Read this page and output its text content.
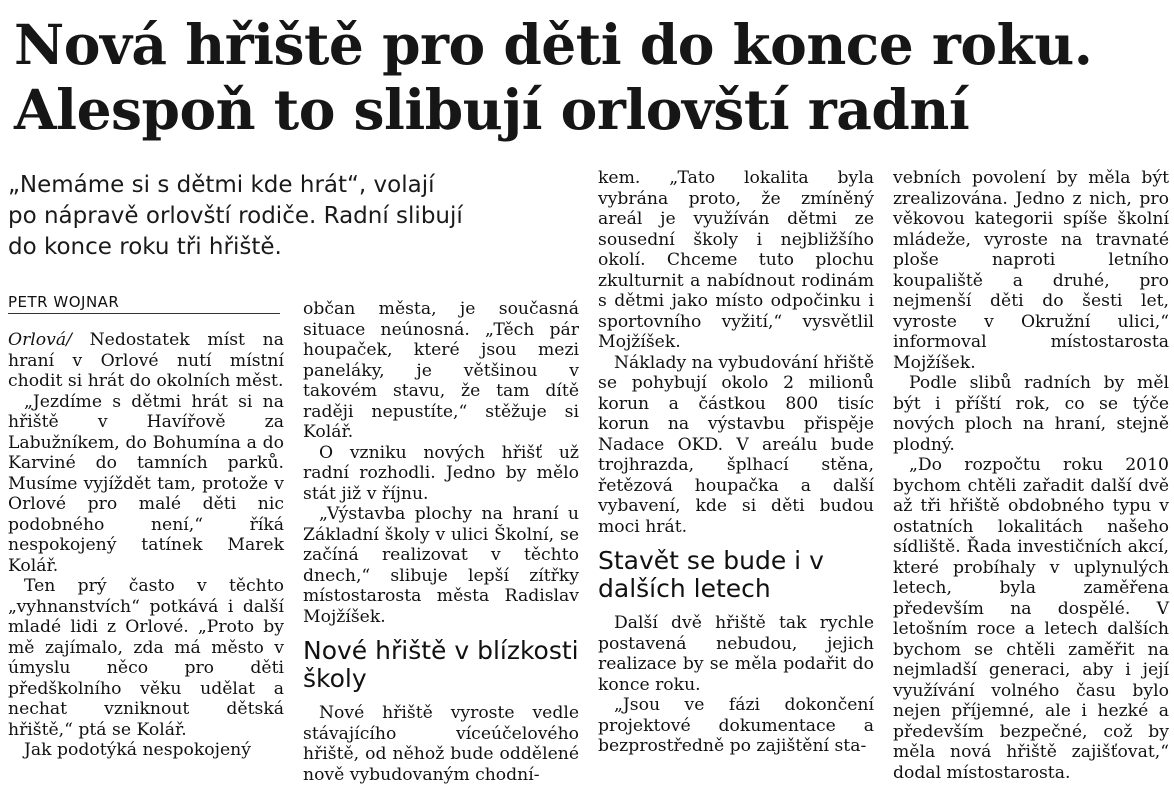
Nová hřiště pro děti do konce roku.
Alespoň to slibují orlovští radní
„Nemáme si s dětmi kde hrát“, volají
po nápravě orlovští rodiče. Radní slibují
do konce roku tři hřiště.
PETR WOJNAR

Orlová/ Nedostatek míst na hraní v Orlové nutí místní chodit si hrát do okolních měst.

„Jezdíme s dětmi hrát si na hřiště v Havířově za Labužníkem, do Bohumína a do Karviné do tamních parků. Musíme vyjíždět tam, protože v Orlové pro malé děti nic podobného není,“ říká nespokojený tatínek Marek Kolář.

Ten prý často v těchto „vyhnanstvích“ potkává i další mladé lidi z Orlové. „Proto by mě zajímalo, zda má město v úmyslu něco pro děti předškolního věku udělat a nechat vzniknout dětská hřiště,“ ptá se Kolář.

Jak podotýká nespokojený

občan města, je současná situace neúnosná. „Těch pár houpaček, které jsou mezi paneláky, je většinou v takovém stavu, že tam dítě raději nepustíte,“ stěžuje si Kolář.

O vzniku nových hřišť už radní rozhodli. Jedno by mělo stát již v říjnu.

„Výstavba plochy na hraní u Základní školy v ulici Školní, se začíná realizovat v těchto dnech,“ slibuje lepší zítřky místostarosta města Radislav Mojžíšek.

Nové hřiště v blízkosti školy

Nové hřiště vyroste vedle stávajícího víceúčelového hřiště, od něhož bude oddělené nově vybudovaným chodní-

kem. „Tato lokalita byla vybrána proto, že zmíněný areál je využíván dětmi ze sousední školy i nejbližšího okolí. Chceme tuto plochu zkulturnit a nabídnout rodinám s dětmi jako místo odpočinku i sportovního vyžití,“ vysvětlil Mojžíšek.

Náklady na vybudování hřiště se pohybují okolo 2 milionů korun a částkou 800 tisíc korun na výstavbu přispěje Nadace OKD. V areálu bude trojhrazda, šplhací stěna, řetězová houpačka a další vybavení, kde si děti budou moci hrát.

Stavět se bude i v dalších letech

Další dvě hřiště tak rychle postavená nebudou, jejich realizace by se měla podařit do konce roku.

„Jsou ve fázi dokončení projektové dokumentace a bezprostředně po zajištění sta-

vebních povolení by měla být zrealizována. Jedno z nich, pro věkovou kategorii spíše školní mládeže, vyroste na travnaté ploše naproti letního koupaliště a druhé, pro nejmenší děti do šesti let, vyroste v Okružní ulici,“ informoval místostarosta Mojžíšek.

Podle slibů radních by měl být i příští rok, co se týče nových ploch na hraní, stejně plodný.

„Do rozpočtu roku 2010 bychom chtěli zařadit další dvě až tři hřiště obdobného typu v ostatních lokalitách našeho sídliště. Řada investičních akcí, které probíhaly v uplynulých letech, byla zaměřena především na dospělé. V letošním roce a letech dalších bychom se chtěli zaměřit na nejmladší generaci, aby i její využívání volného času bylo nejen příjemné, ale i hezké a především bezpečné, což by měla nová hřiště zajišťovat,“ dodal místostarosta.
